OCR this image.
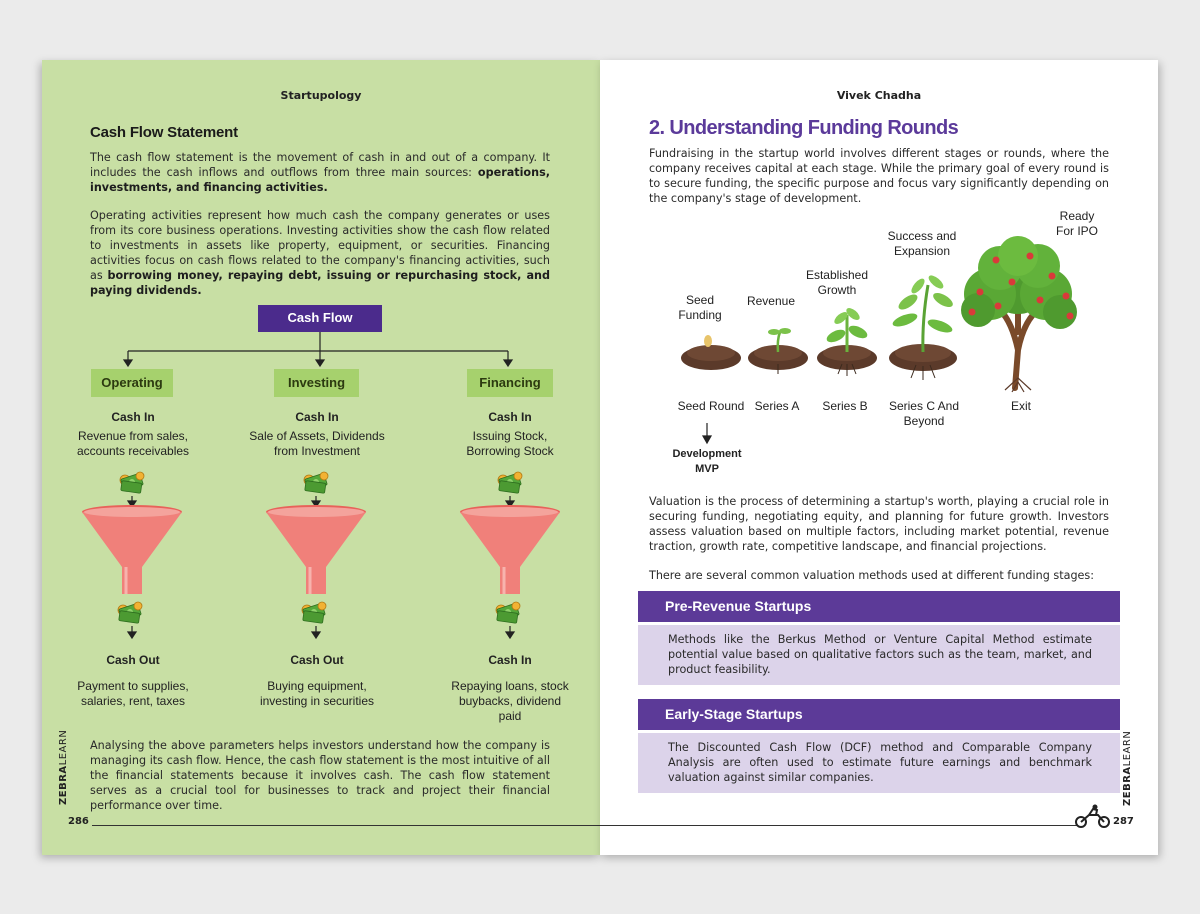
Startupology
Cash Flow Statement
The cash flow statement is the movement of cash in and out of a company. It includes the cash inflows and outflows from three main sources: operations, investments, and financing activities.
Operating activities represent how much cash the company generates or uses from its core business operations. Investing activities show the cash flow related to investments in assets like property, equipment, or securities. Financing activities focus on cash flows related to the company's financing activities, such as borrowing money, repaying debt, issuing or repurchasing stock, and paying dividends.
Cash Flow
Operating
Cash In
Revenue from sales,
accounts receivables
Cash Out
Payment to supplies,
salaries, rent, taxes
Investing
Cash In
Sale of Assets, Dividends
from Investment
Cash Out
Buying equipment,
investing in securities
Financing
Cash In
Issuing Stock,
Borrowing Stock
Cash In
Repaying loans, stock
buybacks, dividend
paid
Analysing the above parameters helps investors understand how the company is managing its cash flow. Hence, the cash flow statement is the most intuitive of all the financial statements because it involves cash. The cash flow statement serves as a crucial tool for businesses to track and project their financial performance over time.
ZEBRALEARN
286
Vivek Chadha
2. Understanding Funding Rounds
Fundraising in the startup world involves different stages or rounds, where the company receives capital at each stage. While the primary goal of every round is to secure funding, the specific purpose and focus vary significantly depending on the company's stage of development.
Seed
Funding
Revenue
Established
Growth
Success and
Expansion
Ready
For IPO
Seed Round Series A	Series B	Series C And
Beyond
Exit
Development
MVP
Valuation is the process of determining a startup's worth, playing a crucial role in securing funding, negotiating equity, and planning for future growth. Investors assess valuation based on multiple factors, including market potential, revenue traction, growth rate, competitive landscape, and financial projections.
There are several common valuation methods used at different funding stages:
Pre-Revenue Startups
Methods like the Berkus Method or Venture Capital Method estimate potential value based on qualitative factors such as the team, market, and product feasibility.
Early-Stage Startups
The Discounted Cash Flow (DCF) method and Comparable Company Analysis are often used to estimate future earnings and benchmark valuation against similar companies.	ZEBRALEARN
287
